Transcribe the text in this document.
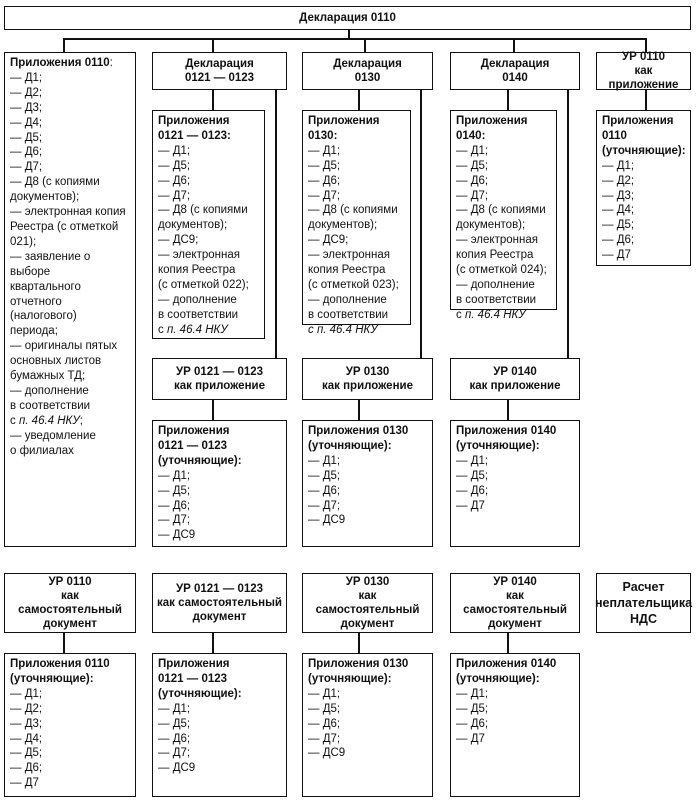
Декларация 0110
Приложения 0110:
— Д1;
— Д2;
— Д3;
— Д4;
— Д5;
— Д6;
— Д7;
— Д8 (с копиями
документов);
— электронная копия
Реестра (с отметкой
021);
— заявление о выборе
квартального
отчетного (налогового)
периода;
— оригиналы пятых
основных листов
бумажных ТД;
— дополнение
в соответствии
с п. 46.4 НКУ;
— уведомление
о филиалах
Декларация
0121 — 0123
Декларация
0130
Декларация
0140
УР 0110
как приложение
Приложения
0121 — 0123:
— Д1;
— Д5;
— Д6;
— Д7;
— Д8 (с копиями
документов);
— ДС9;
— электронная
копия Реестра
(с отметкой 022);
— дополнение
в соответствии
с п. 46.4 НКУ
Приложения 0130:
— Д1;
— Д5;
— Д6;
— Д7;
— Д8 (с копиями
документов);
— ДС9;
— электронная
копия Реестра
(с отметкой 023);
— дополнение
в соответствии
с п. 46.4 НКУ
Приложения 0140:
— Д1;
— Д5;
— Д6;
— Д7;
— Д8 (с копиями
документов);
— электронная
копия Реестра
(с отметкой 024);
— дополнение
в соответствии
с п. 46.4 НКУ
Приложения
0110
(уточняющие):
— Д1;
— Д2;
— Д3;
— Д4;
— Д5;
— Д6;
— Д7
УР 0121 — 0123
как приложение
УР 0130
как приложение
УР 0140
как приложение
Приложения
0121 — 0123
(уточняющие):
— Д1;
— Д5;
— Д6;
— Д7;
— ДС9
Приложения 0130
(уточняющие):
— Д1;
— Д5;
— Д6;
— Д7;
— ДС9
Приложения 0140
(уточняющие):
— Д1;
— Д5;
— Д6;
— Д7
УР 0110
как самостоятельный
документ
УР 0121 — 0123
как самостоятельный
документ
УР 0130
как самостоятельный
документ
УР 0140
как самостоятельный
документ
Расчет
неплательщика
НДС
Приложения 0110
(уточняющие):
— Д1;
— Д2;
— Д3;
— Д4;
— Д5;
— Д6;
— Д7
Приложения
0121 — 0123
(уточняющие):
— Д1;
— Д5;
— Д6;
— Д7;
— ДС9
Приложения 0130
(уточняющие):
— Д1;
— Д5;
— Д6;
— Д7;
— ДС9
Приложения 0140
(уточняющие):
— Д1;
— Д5;
— Д6;
— Д7
